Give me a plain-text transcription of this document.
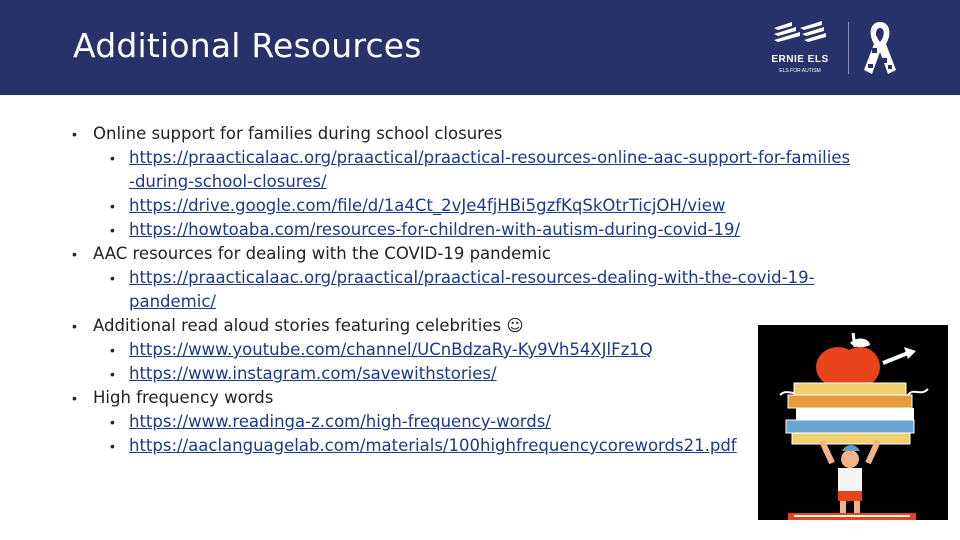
Additional Resources	ERNIE ELS
ELS FOR AUTISM
• Online support for families during school closures
• https://praacticalaac.org/praactical/praactical-resources-online-aac-support-for-families
-during-school-closures/
• https://drive.google.com/file/d/1a4Ct_2vJe4fjHBi5gzfKqSkOtrTicjOH/view
• https://howtoaba.com/resources-for-children-with-autism-during-covid-19/
• AAC resources for dealing with the COVID-19 pandemic
• https://praacticalaac.org/praactical/praactical-resources-dealing-with-the-covid-19-
pandemic/
• Additional read aloud stories featuring celebrities ☺
• https://www.youtube.com/channel/UCnBdzaRy-Ky9Vh54XJlFz1Q
• https://www.instagram.com/savewithstories/
• High frequency words
• https://www.readinga-z.com/high-frequency-words/
• https://aaclanguagelab.com/materials/100highfrequencycorewords21.pdf
